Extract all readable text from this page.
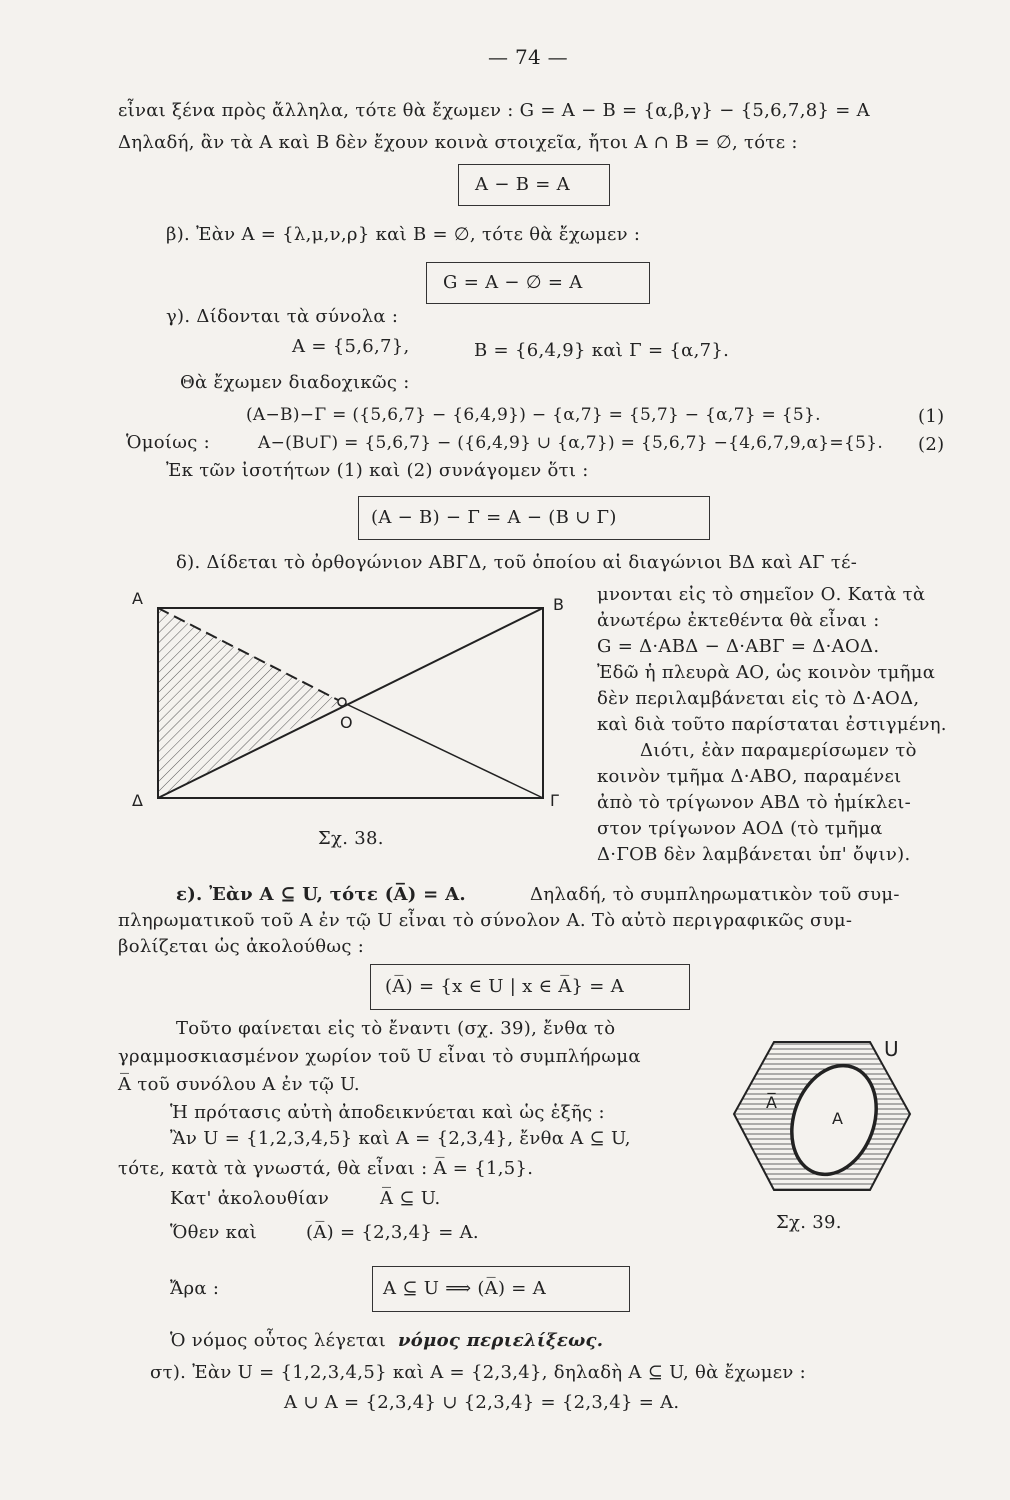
— 74 —
εἶναι ξένα πρὸς ἄλληλα, τότε θὰ ἔχωμεν : G = A − B = {α,β,γ} − {5,6,7,8} = A
Δηλαδή, ἂν τὰ A καὶ B δὲν ἔχουν κοινὰ στοιχεῖα, ἤτοι A ∩ B = ∅, τότε :
A − B = A
β). Ἐὰν A = {λ,μ,ν,ρ} καὶ B = ∅, τότε θὰ ἔχωμεν :
G = A − ∅ = A
γ). Δίδονται τὰ σύνολα :
A = {5,6,7},	B = {6,4,9} καὶ Γ = {α,7}.
Θὰ ἔχωμεν διαδοχικῶς :
(A−B)−Γ = ({5,6,7} − {6,4,9}) − {α,7} = {5,7} − {α,7} = {5}.	(1)
Ὁμοίως :	A−(B∪Γ) = {5,6,7} − ({6,4,9} ∪ {α,7}) = {5,6,7} −{4,6,7,9,α}={5}. (2)
Ἐκ τῶν ἰσοτήτων (1) καὶ (2) συνάγομεν ὅτι :
(A − B) − Γ = A − (B ∪ Γ)
δ). Δίδεται τὸ ὀρθογώνιον ΑΒΓΔ, τοῦ ὁποίου αἱ διαγώνιοι ΒΔ καὶ ΑΓ τέ-
μνονται εἰς τὸ σημεῖον Ο. Κατὰ τὰ
ἀνωτέρω ἐκτεθέντα θὰ εἶναι :
G = Δ·ΑΒΔ − Δ·ΑΒΓ = Δ·ΑΟΔ.
Ἐδῶ ἡ πλευρὰ ΑΟ, ὡς κοινὸν τμῆμα
δὲν περιλαμβάνεται εἰς τὸ Δ·ΑΟΔ,
καὶ διὰ τοῦτο παρίσταται ἐστιγμένη.
Διότι, ἐὰν παραμερίσωμεν τὸ
κοινὸν τμῆμα Δ·ΑΒΟ, παραμένει
ἀπὸ τὸ τρίγωνον ΑΒΔ τὸ ἡμίκλει-
στον τρίγωνον ΑΟΔ (τὸ τμῆμα
Δ·ΓΟΒ δὲν λαμβάνεται ὑπ' ὄψιν).
A	B
Γ
Δ
O
Σχ. 38.
ε). Ἐὰν A ⊆ U, τότε (A̅) = A.	Δηλαδή, τὸ συμπληρωματικὸν τοῦ συμ-
πληρωματικοῦ τοῦ A ἐν τῷ U εἶναι τὸ σύνολον A. Τὸ αὐτὸ περιγραφικῶς συμ-
βολίζεται ὡς ἀκολούθως :
(A̅) = {x ∈ U | x ∈ A̅} = A
Τοῦτο φαίνεται εἰς τὸ ἔναντι (σχ. 39), ἔνθα τὸ
γραμμοσκιασμένον χωρίον τοῦ U εἶναι τὸ συμπλήρωμα
A̅ τοῦ συνόλου A ἐν τῷ U.
Ἡ πρότασις αὐτὴ ἀποδεικνύεται καὶ ὡς ἑξῆς :
Ἂν U = {1,2,3,4,5} καὶ A = {2,3,4}, ἔνθα A ⊆ U,
τότε, κατὰ τὰ γνωστά, θὰ εἶναι : A̅ = {1,5}.
Κατ' ἀκολουθίαν	A̅ ⊆ U.
Ὅθεν καὶ	(A̅) = {2,3,4} = A.
Ἄρα :	A ⊆ U ⟹ (A̅) = A
U
A̅
A
Σχ. 39.
Ὁ νόμος οὗτος λέγεται νόμος περιελίξεως.
στ). Ἐὰν U = {1,2,3,4,5} καὶ A = {2,3,4}, δηλαδὴ A ⊆ U, θὰ ἔχωμεν :
A ∪ A = {2,3,4} ∪ {2,3,4} = {2,3,4} = A.
